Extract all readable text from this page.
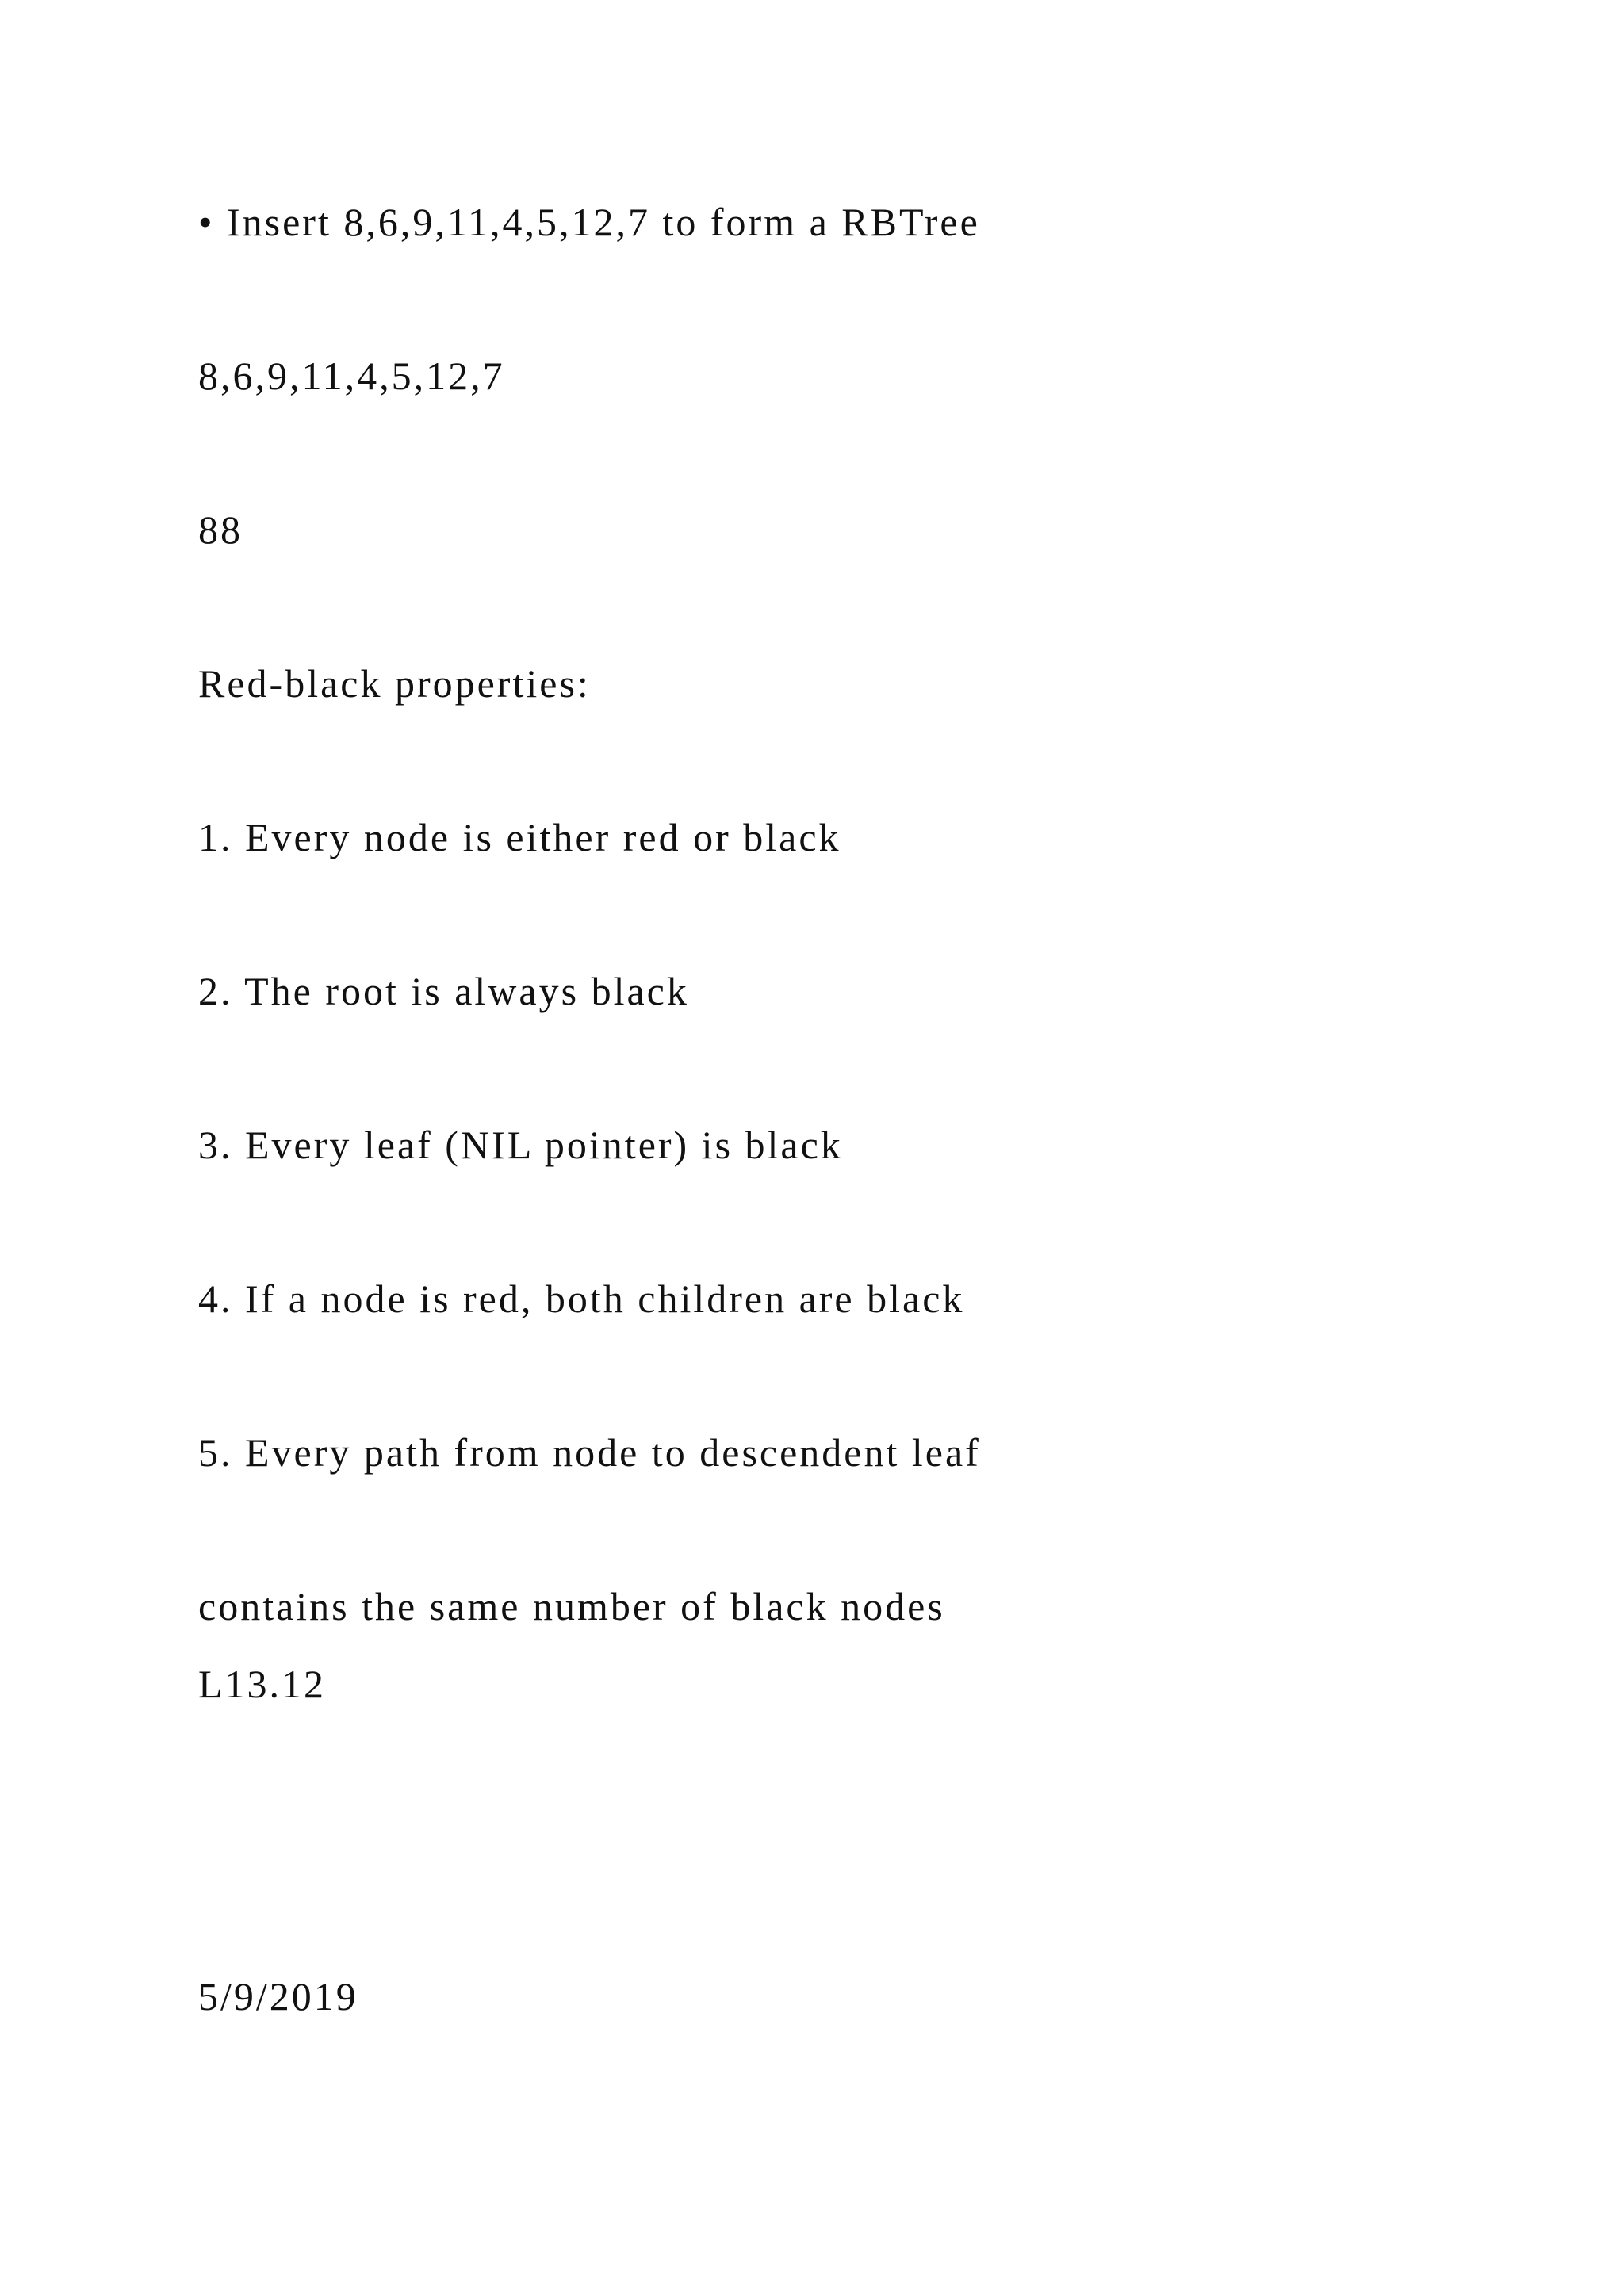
• Insert 8,6,9,11,4,5,12,7 to form a RBTree
8,6,9,11,4,5,12,7
88
Red-black properties:
1. Every node is either red or black
2. The root is always black
3. Every leaf (NIL pointer) is black
4. If a node is red, both children are black
5. Every path from node to descendent leaf
contains the same number of black nodes
L13.12
5/9/2019
